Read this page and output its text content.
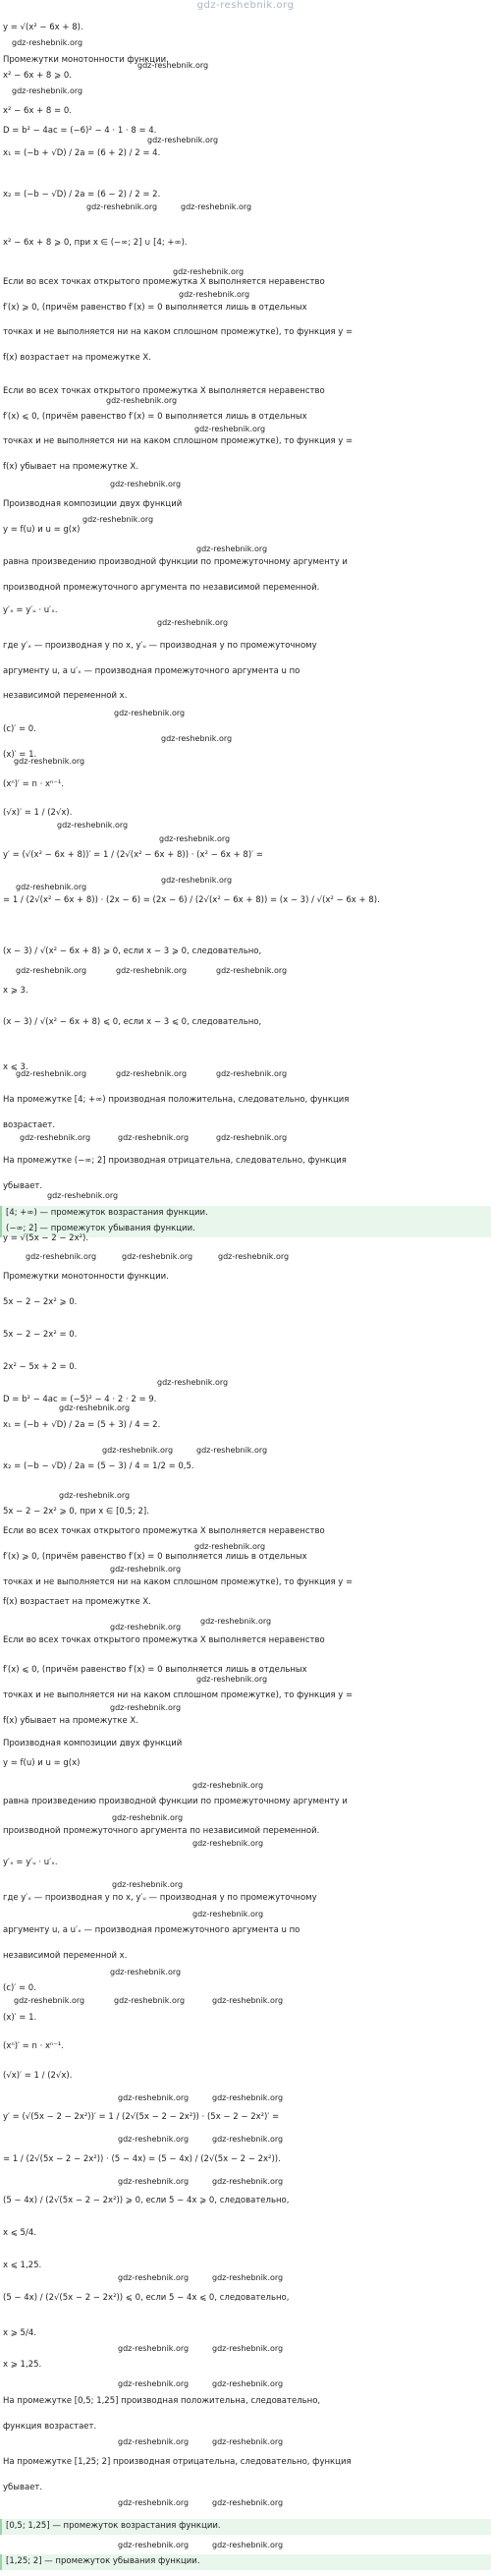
gdz-reshebnik.org
[4; +∞) — промежуток возрастания функции.
(−∞; 2] — промежуток убывания функции.
[0,5; 1,25] — промежуток возрастания функции.
[1,25; 2] — промежуток убывания функции.
y = √(x² − 6x + 8).
Промежутки монотонности функции.
x² − 6x + 8 ⩾ 0.
x² − 6x + 8 = 0.
D = b² − 4ac = (−6)² − 4 · 1 · 8 = 4.
x₁ = (−b + √D) / 2a = (6 + 2) / 2 = 4.
x₂ = (−b − √D) / 2a = (6 − 2) / 2 = 2.
x² − 6x + 8 ⩾ 0, при x ∈ (−∞; 2] ∪ [4; +∞).
Если во всех точках открытого промежутка X выполняется неравенство
f′(x) ⩾ 0, (причём равенство f′(x) = 0 выполняется лишь в отдельных
точках и не выполняется ни на каком сплошном промежутке), то функция y =
f(x) возрастает на промежутке X.
Если во всех точках открытого промежутка X выполняется неравенство
f′(x) ⩽ 0, (причём равенство f′(x) = 0 выполняется лишь в отдельных
точках и не выполняется ни на каком сплошном промежутке), то функция y =
f(x) убывает на промежутке X.
Производная композиции двух функций
y = f(u) и u = g(x)
равна произведению производной функции по промежуточному аргументу и
производной промежуточного аргумента по независимой переменной.
y′ₓ = y′ᵤ · u′ₓ.
где y′ₓ — производная y по x, y′ᵤ — производная y по промежуточному
аргументу u, а u′ₓ — производная промежуточного аргумента u по
независимой переменной x.
(c)′ = 0.
(x)′ = 1.
(xⁿ)′ = n · xⁿ⁻¹.
(√x)′ = 1 / (2√x).
y′ = (√(x² − 6x + 8))′ = 1 / (2√(x² − 6x + 8)) · (x² − 6x + 8)′ =
= 1 / (2√(x² − 6x + 8)) · (2x − 6) = (2x − 6) / (2√(x² − 6x + 8)) = (x − 3) / √(x² − 6x + 8).
(x − 3) / √(x² − 6x + 8) ⩾ 0, если x − 3 ⩾ 0, следовательно,
x ⩾ 3.
(x − 3) / √(x² − 6x + 8) ⩽ 0, если x − 3 ⩽ 0, следовательно,
x ⩽ 3.
На промежутке [4; +∞) производная положительна, следовательно, функция
возрастает.
На промежутке (−∞; 2] производная отрицательна, следовательно, функция
убывает.
y = √(5x − 2 − 2x²).
Промежутки монотонности функции.
5x − 2 − 2x² ⩾ 0.
5x − 2 − 2x² = 0.
2x² − 5x + 2 = 0.
D = b² − 4ac = (−5)² − 4 · 2 · 2 = 9.
x₁ = (−b + √D) / 2a = (5 + 3) / 4 = 2.
x₂ = (−b − √D) / 2a = (5 − 3) / 4 = 1/2 = 0,5.
5x − 2 − 2x² ⩾ 0, при x ∈ [0,5; 2].
Если во всех точках открытого промежутка X выполняется неравенство
f′(x) ⩾ 0, (причём равенство f′(x) = 0 выполняется лишь в отдельных
точках и не выполняется ни на каком сплошном промежутке), то функция y =
f(x) возрастает на промежутке X.
Если во всех точках открытого промежутка X выполняется неравенство
f′(x) ⩽ 0, (причём равенство f′(x) = 0 выполняется лишь в отдельных
точках и не выполняется ни на каком сплошном промежутке), то функция y =
f(x) убывает на промежутке X.
Производная композиции двух функций
y = f(u) и u = g(x)
равна произведению производной функции по промежуточному аргументу и
производной промежуточного аргумента по независимой переменной.
y′ₓ = y′ᵤ · u′ₓ.
где y′ₓ — производная y по x, y′ᵤ — производная y по промежуточному
аргументу u, а u′ₓ — производная промежуточного аргумента u по
независимой переменной x.
(c)′ = 0.
(x)′ = 1.
(xⁿ)′ = n · xⁿ⁻¹.
(√x)′ = 1 / (2√x).
y′ = (√(5x − 2 − 2x²))′ = 1 / (2√(5x − 2 − 2x²)) · (5x − 2 − 2x²)′ =
= 1 / (2√(5x − 2 − 2x²)) · (5 − 4x) = (5 − 4x) / (2√(5x − 2 − 2x²)).
(5 − 4x) / (2√(5x − 2 − 2x²)) ⩾ 0, если 5 − 4x ⩾ 0, следовательно,
x ⩽ 5/4.
x ⩽ 1,25.
(5 − 4x) / (2√(5x − 2 − 2x²)) ⩽ 0, если 5 − 4x ⩽ 0, следовательно,
x ⩾ 5/4.
x ⩾ 1,25.
На промежутке [0,5; 1,25] производная положительна, следовательно,
функция возрастает.
На промежутке [1,25; 2] производная отрицательна, следовательно, функция
убывает.
gdz-reshebnik.org
gdz-reshebnik.org
gdz-reshebnik.org
gdz-reshebnik.org
gdz-reshebnik.org	gdz-reshebnik.org
gdz-reshebnik.org
gdz-reshebnik.org
gdz-reshebnik.org
gdz-reshebnik.org
gdz-reshebnik.org
gdz-reshebnik.org
gdz-reshebnik.org
gdz-reshebnik.org
gdz-reshebnik.org
gdz-reshebnik.org
gdz-reshebnik.org
gdz-reshebnik.org
gdz-reshebnik.org
gdz-reshebnik.org
gdz-reshebnik.org
gdz-reshebnik.org	gdz-reshebnik.org	gdz-reshebnik.org
gdz-reshebnik.org	gdz-reshebnik.org	gdz-reshebnik.org
gdz-reshebnik.org	gdz-reshebnik.org	gdz-reshebnik.org
gdz-reshebnik.org
gdz-reshebnik.org	gdz-reshebnik.org	gdz-reshebnik.org
gdz-reshebnik.org
gdz-reshebnik.org
gdz-reshebnik.org	gdz-reshebnik.org
gdz-reshebnik.org
gdz-reshebnik.org
gdz-reshebnik.org
gdz-reshebnik.org
gdz-reshebnik.org
gdz-reshebnik.org
gdz-reshebnik.org
gdz-reshebnik.org
gdz-reshebnik.org
gdz-reshebnik.org
gdz-reshebnik.org
gdz-reshebnik.org
gdz-reshebnik.org
gdz-reshebnik.org	gdz-reshebnik.org	gdz-reshebnik.org
gdz-reshebnik.org	gdz-reshebnik.org
gdz-reshebnik.org	gdz-reshebnik.org
gdz-reshebnik.org	gdz-reshebnik.org
gdz-reshebnik.org	gdz-reshebnik.org
gdz-reshebnik.org	gdz-reshebnik.org
gdz-reshebnik.org	gdz-reshebnik.org
gdz-reshebnik.org	gdz-reshebnik.org
gdz-reshebnik.org	gdz-reshebnik.org
gdz-reshebnik.org	gdz-reshebnik.org
